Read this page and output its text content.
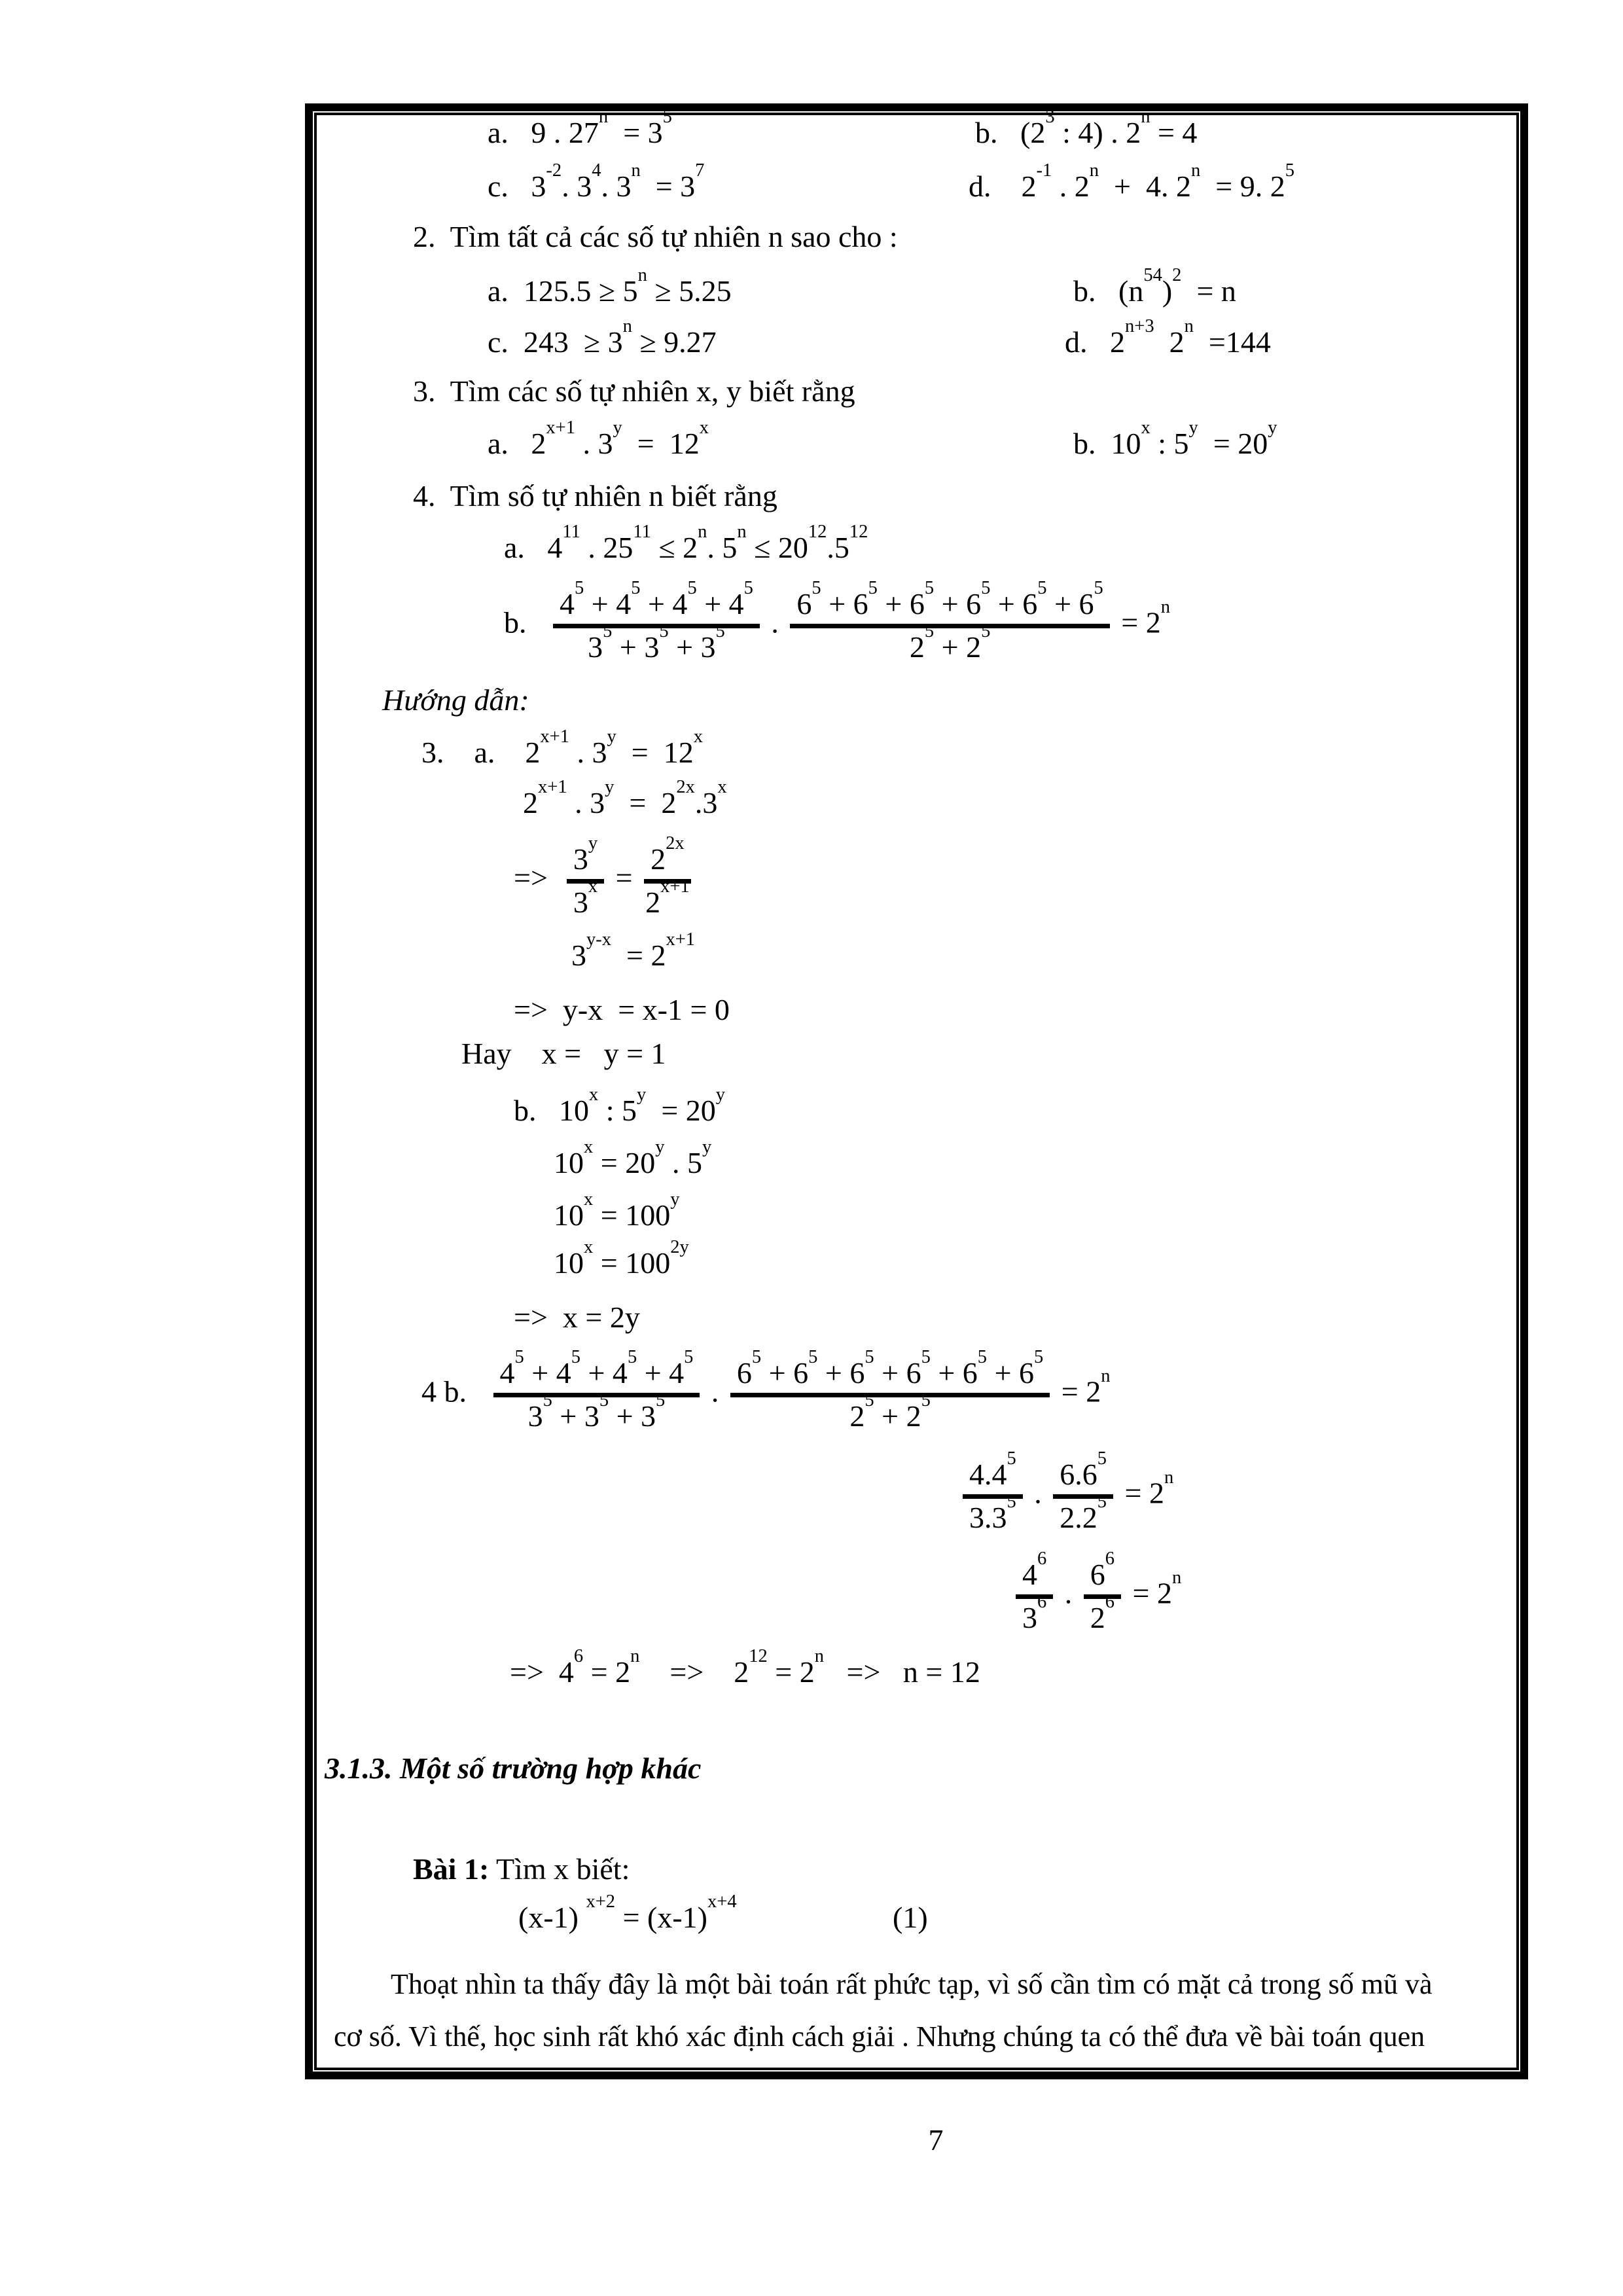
a.   9 . $27^n = 3^5$	b.   ($2^3$ : 4) . $2^n = 4$
c.   $3^{-2}$. $3^4$. $3^n = 3^7$	d.    $2^{-1}$ . 2$^n$  +  4. 2$^n$  = 9. $2^5$
2.  Tìm tất cả các số tự nhiên n sao cho :
a.  $125.5 \ge 5^n \ge 5.25$	b.   $(n^{54})^2 = n$
c.  $243 \ge 3^n \ge 9.27$	d.   $2^{n+3}$  2$^n$  =144
3.  Tìm các số tự nhiên x, y biết rằng
a.   $2^{x+1}$ . 3$^y$  =  12$^x$	b.  10$^x$ : $5^y = 20^y$
4.  Tìm số tự nhiên n biết rằng
a.   $4^{11}$ . $25^{11} \le 2^n$. $5^n \le 20^{12}.5^{12}$
b. $\frac{4^5 + 4^5 + 4^5 + 4^5}{3^5 + 3^5 + 3^5}$ . $\frac{6^5 + 6^5 + 6^5 + 6^5 + 6^5 + 6^5}{2^5 + 2^5} = 2^n$
Hướng dẫn:
3.    a.    $2^{x+1}$ . 3$^y$  =  12$^x$
$2^{x+1}$ . $3^y = 2^{2x}.3^x$
=> $\frac{3^y}{3^x} = \frac{2^{2x}}{2^{x+1}}$
$3^{y-x} = 2^{x+1}$
=>  y-x  = x-1 = 0
Hay    x =   y = 1
b.   10$^x$ : $5^y = 20^y$
$10^x = 20^y$ . 5$^y$
$10^x = 100^y$
$10^x = 100^{2y}$
=>  x = 2y
4 b. $\frac{4^5 + 4^5 + 4^5 + 4^5}{3^5 + 3^5 + 3^5}$ . $\frac{6^5 + 6^5 + 6^5 + 6^5 + 6^5 + 6^5}{2^5 + 2^5} = 2^n$
$\frac{4.4^5}{3.3^5}$ . $\frac{6.6^5}{2.2^5} = 2^n$
$\frac{4^6}{3^6}$ . $\frac{6^6}{2^6} = 2^n$
=>  $4^6 = 2^n$    =>    $2^{12} = 2^n => n = 12$
3.1.3. Một số trường hợp khác
Bài 1: Tìm x biết:
(x-1) $^{x+2} = (x-1)^{x+4}$	(1)
Thoạt nhìn ta thấy đây là một bài toán rất phức tạp, vì số cần tìm có mặt cả trong số mũ và
cơ số. Vì thế, học sinh rất khó xác định cách giải . Nhưng chúng ta có thể đưa về bài toán quen
7
